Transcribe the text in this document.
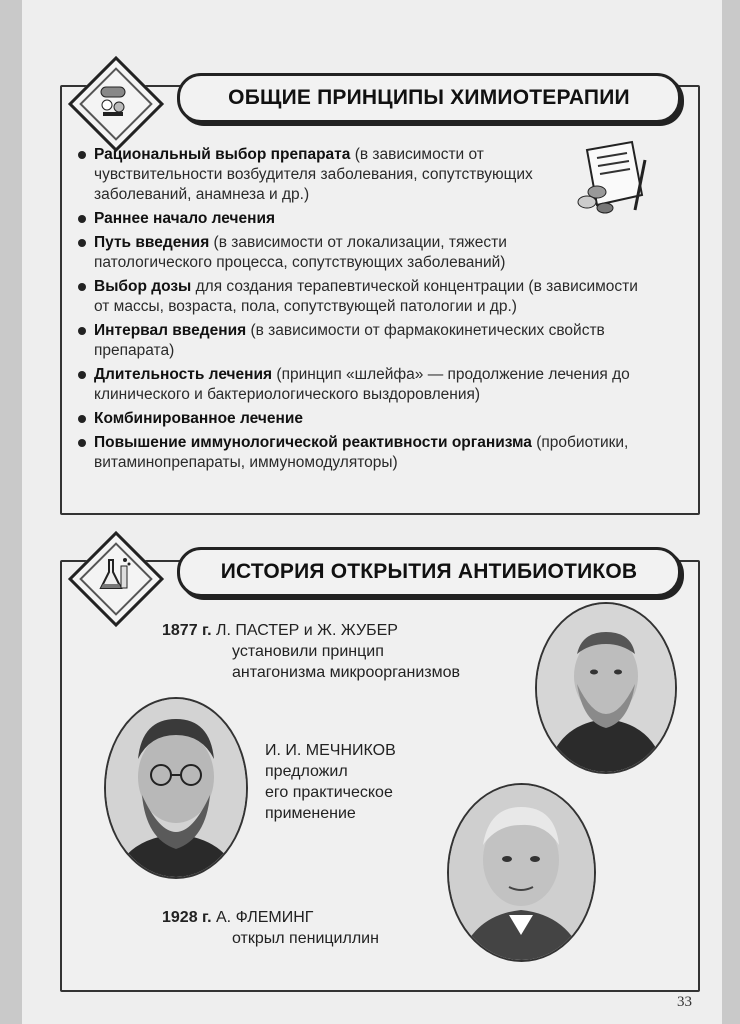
ОБЩИЕ ПРИНЦИПЫ ХИМИОТЕРАПИИ
Рациональный выбор препарата (в зависимости от чувствительности возбудителя заболевания, сопутствующих заболеваний, анамнеза и др.)
Раннее начало лечения
Путь введения (в зависимости от локализации, тяжести патологического процесса, сопутствующих заболеваний)
Выбор дозы для создания терапевтической концентрации (в зависимости от массы, возраста, пола, сопутствующей патологии и др.)
Интервал введения (в зависимости от фармакокинетических свойств препарата)
Длительность лечения (принцип «шлейфа» — продолжение лечения до клинического и бактериологического выздоровления)
Комбинированное лечение
Повышение иммунологической реактивности организма (пробиотики, витаминопрепараты, иммуномодуляторы)
ИСТОРИЯ ОТКРЫТИЯ АНТИБИОТИКОВ
1877 г. Л. ПАСТЕР и Ж. ЖУБЕР
установили принцип
антагонизма микроорганизмов
И. И. МЕЧНИКОВ
предложил
его практическое
применение
1928 г. А. ФЛЕМИНГ
открыл пенициллин
33
